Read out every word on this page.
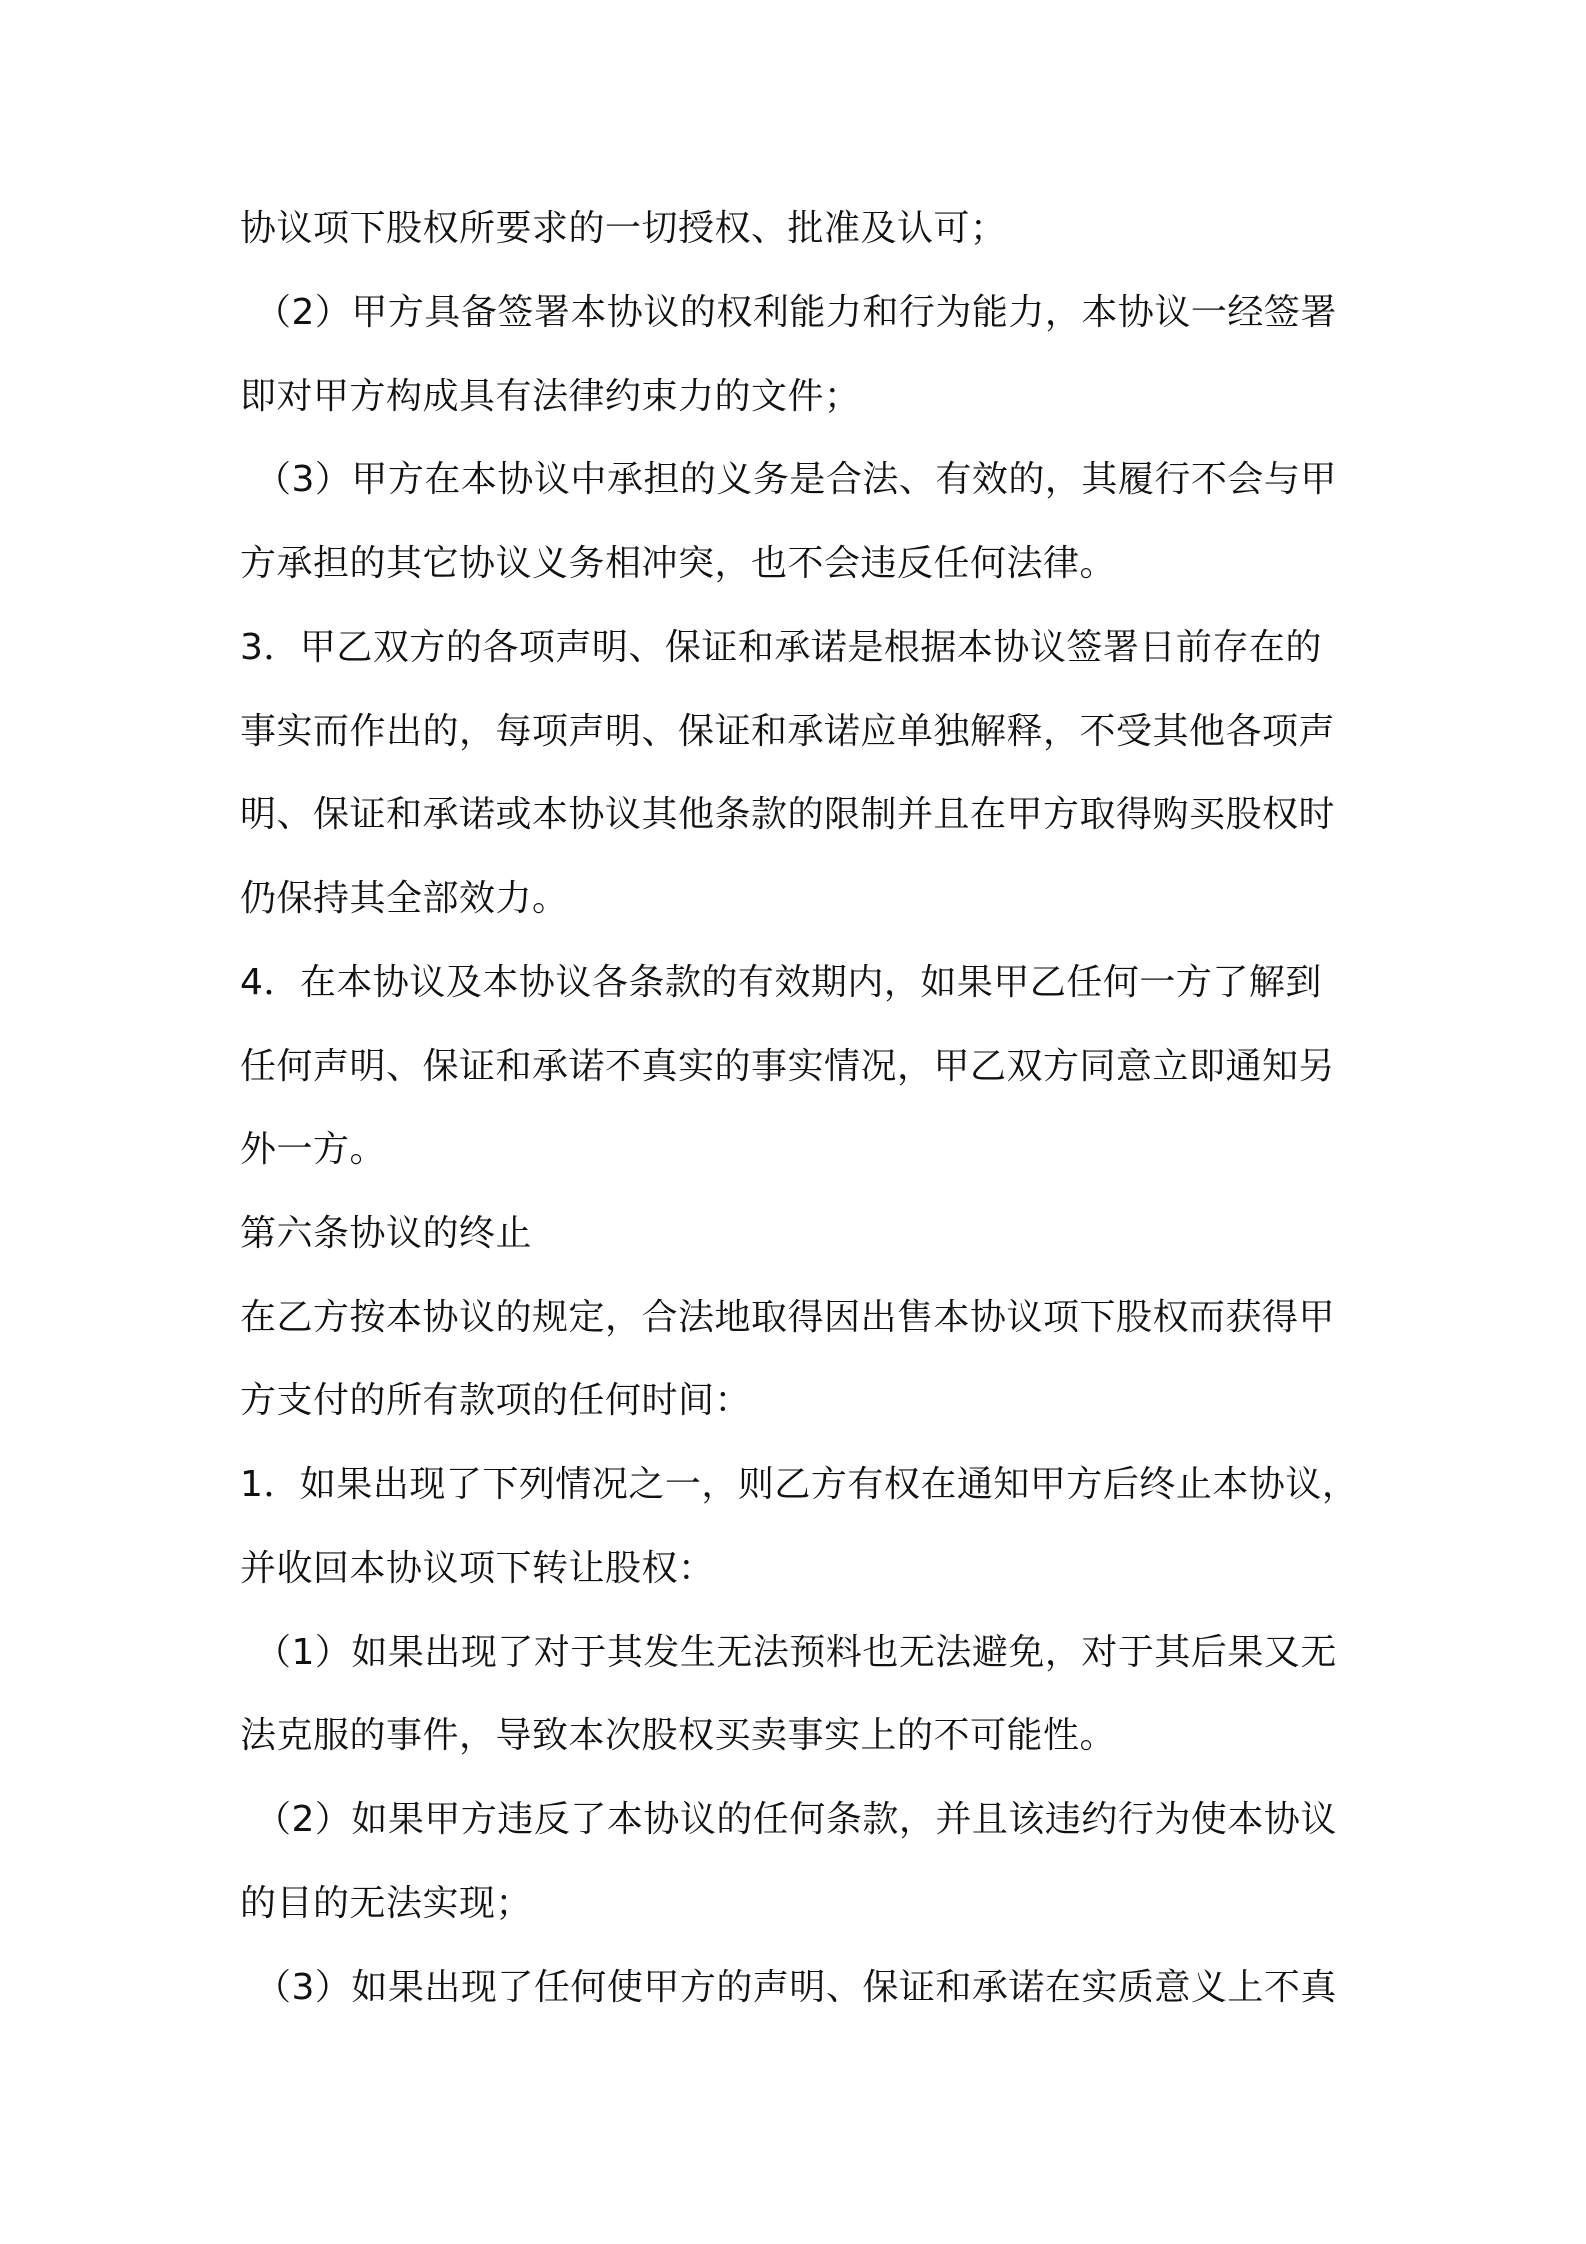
协议项下股权所要求的一切授权、批准及认可；
（2）甲方具备签署本协议的权利能力和行为能力，本协议一经签署
即对甲方构成具有法律约束力的文件；
（3）甲方在本协议中承担的义务是合法、有效的，其履行不会与甲
方承担的其它协议义务相冲突，也不会违反任何法律。
3．甲乙双方的各项声明、保证和承诺是根据本协议签署日前存在的
事实而作出的，每项声明、保证和承诺应单独解释，不受其他各项声
明、保证和承诺或本协议其他条款的限制并且在甲方取得购买股权时
仍保持其全部效力。
4．在本协议及本协议各条款的有效期内，如果甲乙任何一方了解到
任何声明、保证和承诺不真实的事实情况，甲乙双方同意立即通知另
外一方。
第六条协议的终止
在乙方按本协议的规定，合法地取得因出售本协议项下股权而获得甲
方支付的所有款项的任何时间：
1．如果出现了下列情况之一，则乙方有权在通知甲方后终止本协议，
并收回本协议项下转让股权：
（1）如果出现了对于其发生无法预料也无法避免，对于其后果又无
法克服的事件，导致本次股权买卖事实上的不可能性。
（2）如果甲方违反了本协议的任何条款，并且该违约行为使本协议
的目的无法实现；
（3）如果出现了任何使甲方的声明、保证和承诺在实质意义上不真
